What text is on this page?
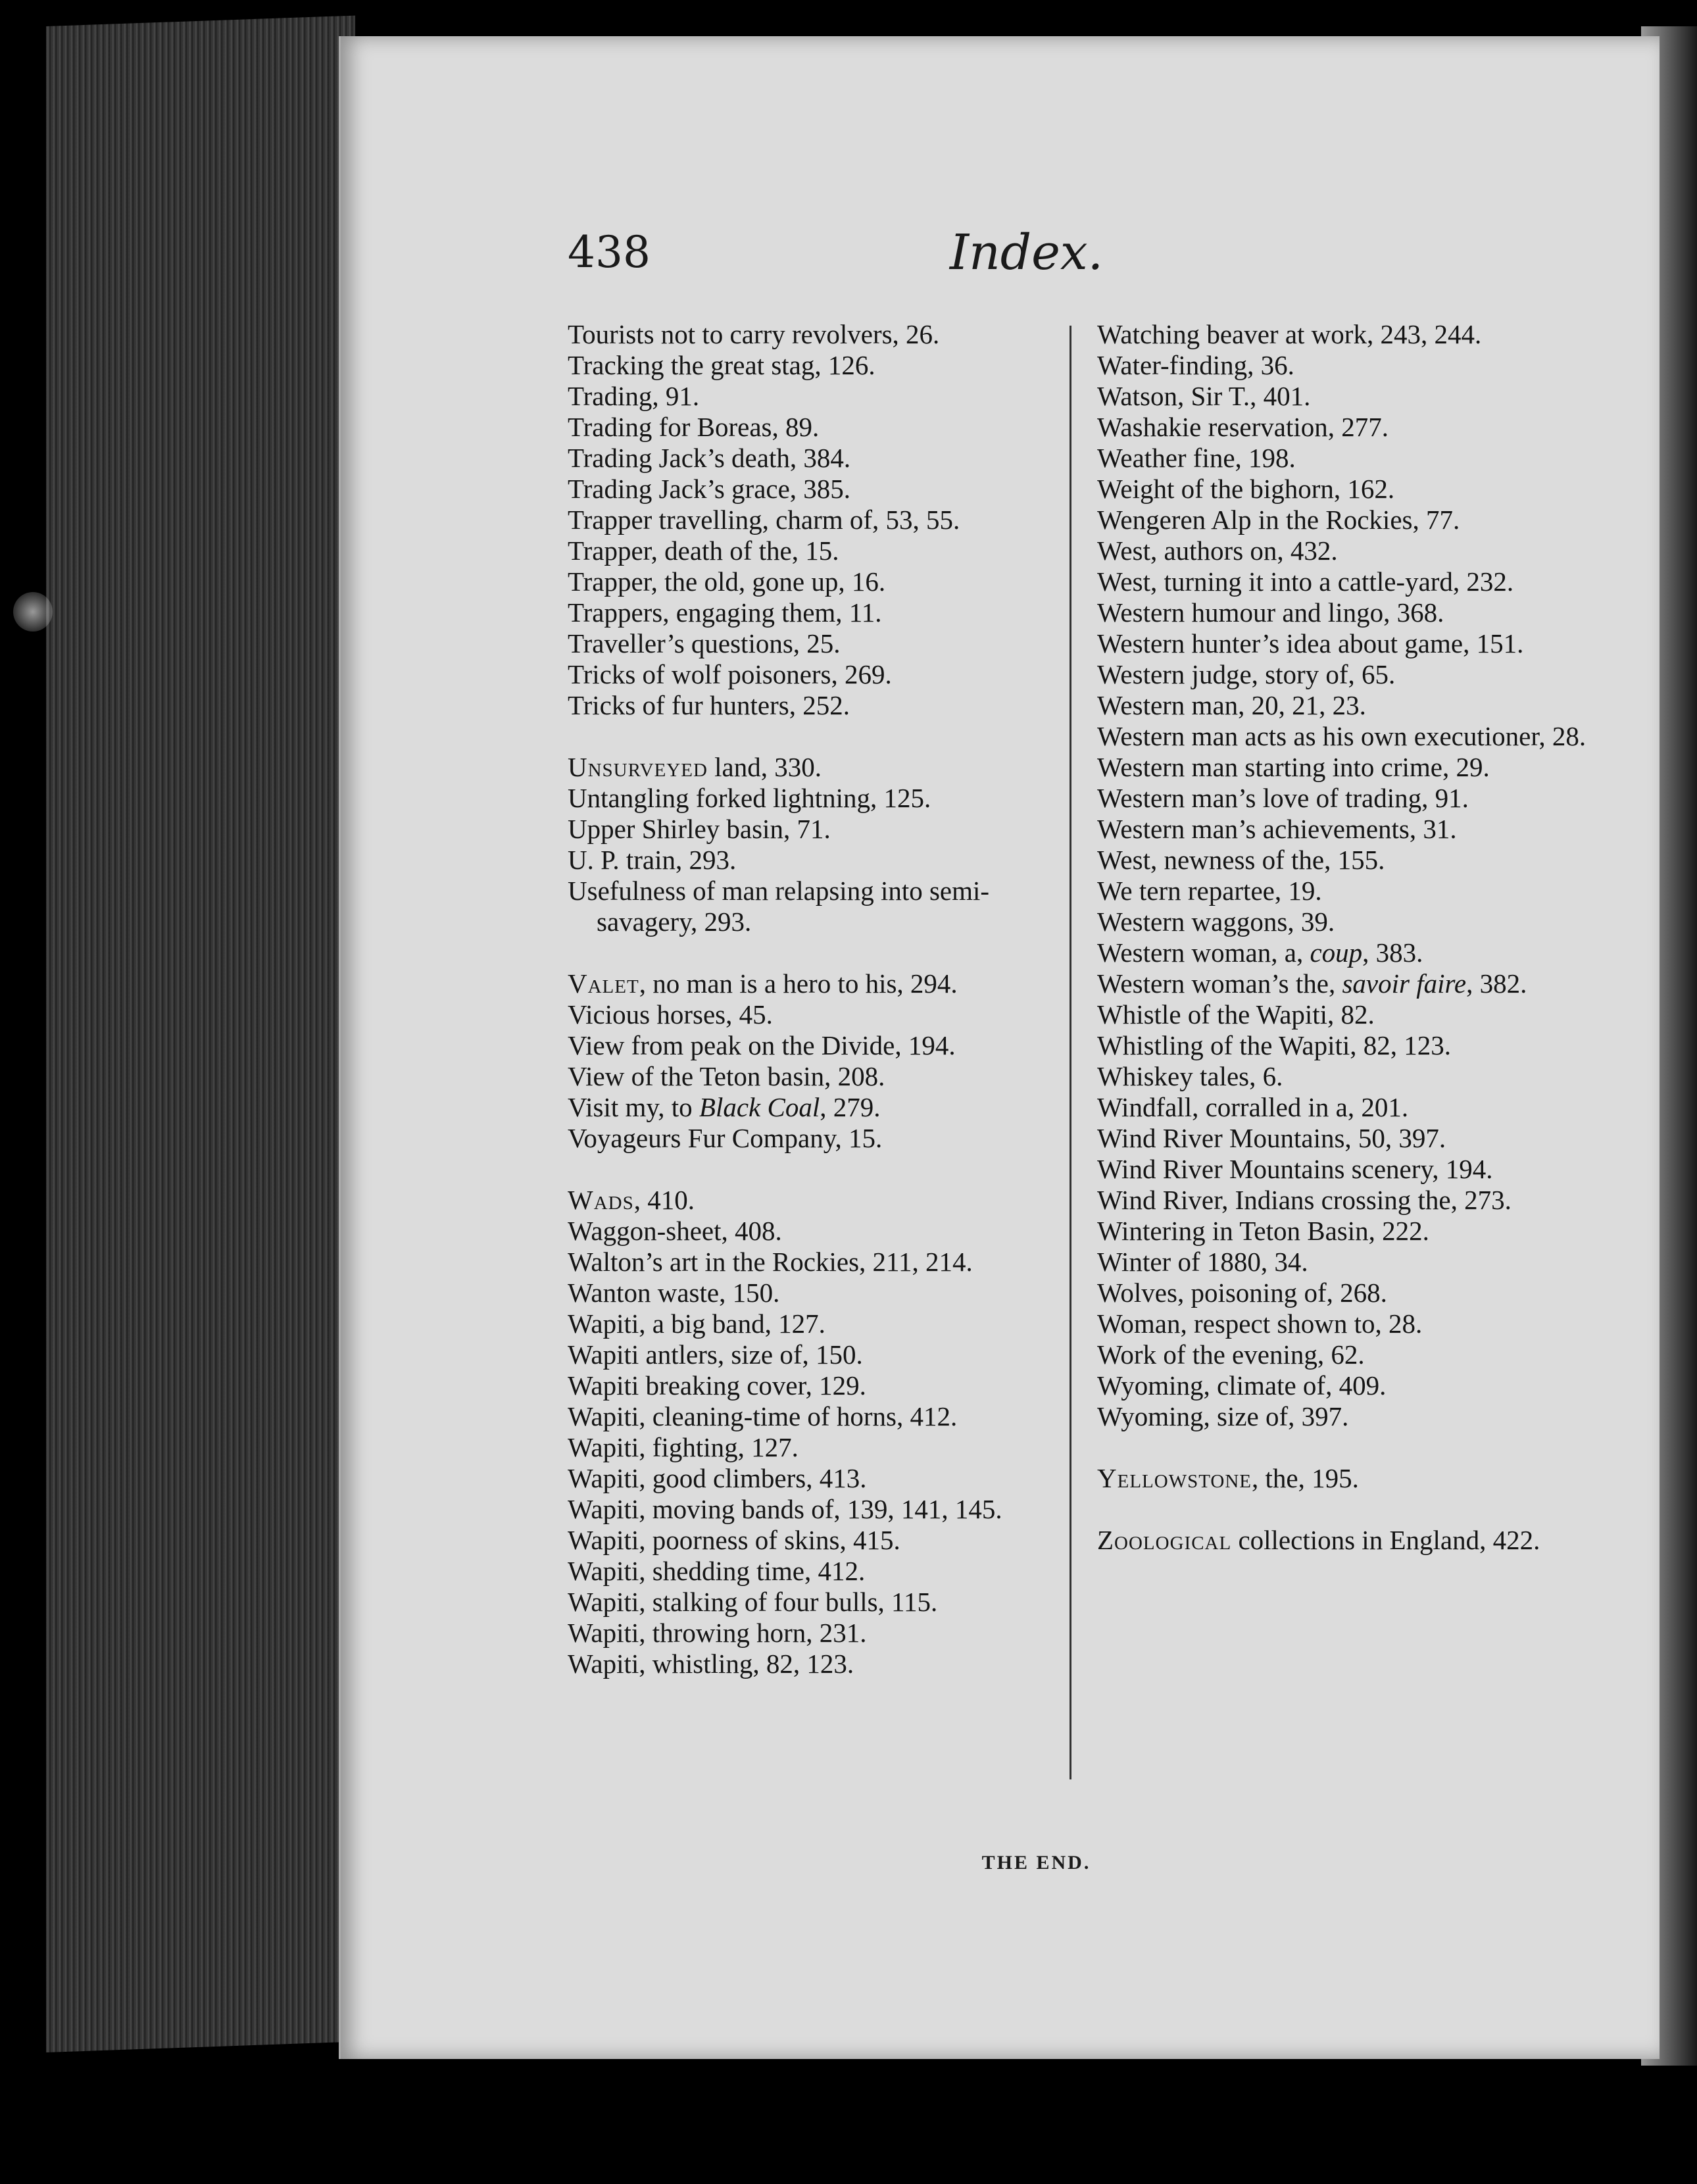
438	Index.
Tourists not to carry revolvers, 26.
Tracking the great stag, 126.
Trading, 91.
Trading for Boreas, 89.
Trading Jack’s death, 384.
Trading Jack’s grace, 385.
Trapper travelling, charm of, 53, 55.
Trapper, death of the, 15.
Trapper, the old, gone up, 16.
Trappers, engaging them, 11.
Traveller’s questions, 25.
Tricks of wolf poisoners, 269.
Tricks of fur hunters, 252.
Unsurveyed land, 330.
Untangling forked lightning, 125.
Upper Shirley basin, 71.
U. P. train, 293.
Usefulness of man relapsing into semi-savagery, 293.
Valet, no man is a hero to his, 294.
Vicious horses, 45.
View from peak on the Divide, 194.
View of the Teton basin, 208.
Visit my, to Black Coal, 279.
Voyageurs Fur Company, 15.
Wads, 410.
Waggon-sheet, 408.
Walton’s art in the Rockies, 211, 214.
Wanton waste, 150.
Wapiti, a big band, 127.
Wapiti antlers, size of, 150.
Wapiti breaking cover, 129.
Wapiti, cleaning-time of horns, 412.
Wapiti, fighting, 127.
Wapiti, good climbers, 413.
Wapiti, moving bands of, 139, 141, 145.
Wapiti, poorness of skins, 415.
Wapiti, shedding time, 412.
Wapiti, stalking of four bulls, 115.
Wapiti, throwing horn, 231.
Wapiti, whistling, 82, 123.
Watching beaver at work, 243, 244.
Water-finding, 36.
Watson, Sir T., 401.
Washakie reservation, 277.
Weather fine, 198.
Weight of the bighorn, 162.
Wengeren Alp in the Rockies, 77.
West, authors on, 432.
West, turning it into a cattle-yard, 232.
Western humour and lingo, 368.
Western hunter’s idea about game, 151.
Western judge, story of, 65.
Western man, 20, 21, 23.
Western man acts as his own executioner, 28.
Western man starting into crime, 29.
Western man’s love of trading, 91.
Western man’s achievements, 31.
West, newness of the, 155.
We tern repartee, 19.
Western waggons, 39.
Western woman, a, coup, 383.
Western woman’s the, savoir faire, 382.
Whistle of the Wapiti, 82.
Whistling of the Wapiti, 82, 123.
Whiskey tales, 6.
Windfall, corralled in a, 201.
Wind River Mountains, 50, 397.
Wind River Mountains scenery, 194.
Wind River, Indians crossing the, 273.
Wintering in Teton Basin, 222.
Winter of 1880, 34.
Wolves, poisoning of, 268.
Woman, respect shown to, 28.
Work of the evening, 62.
Wyoming, climate of, 409.
Wyoming, size of, 397.
Yellowstone, the, 195.
Zoological collections in England, 422.
THE END.
